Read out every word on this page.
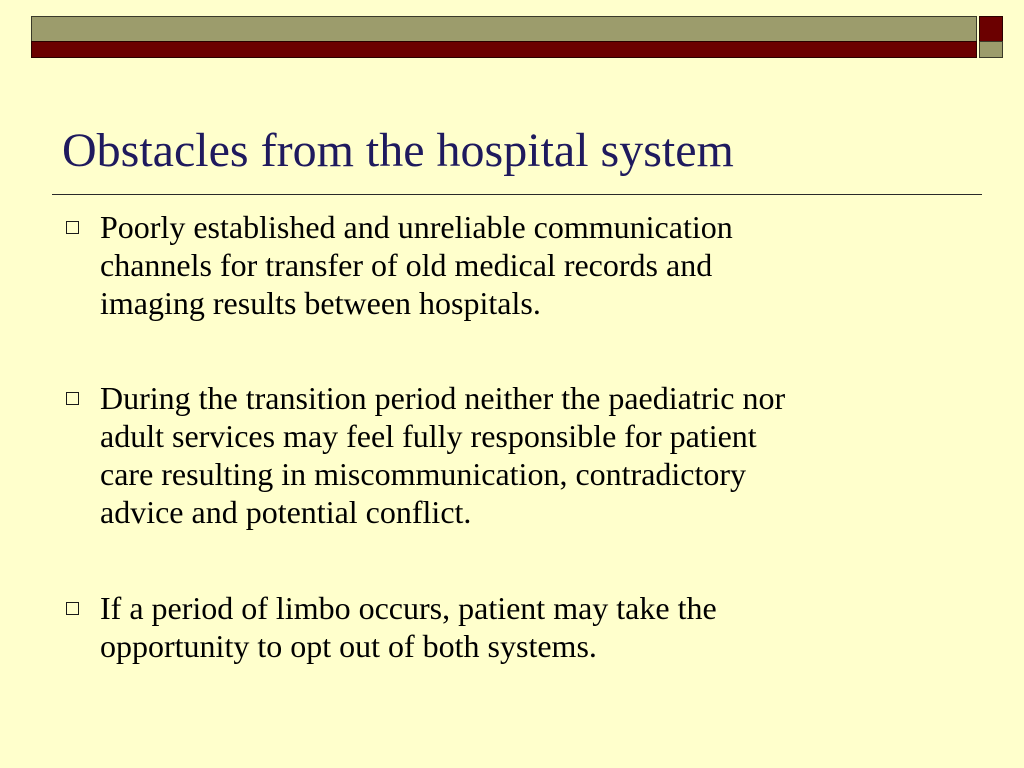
Obstacles from the hospital system
Poorly established and unreliable communication
channels for transfer of old medical records and
imaging results between hospitals.
During the transition period neither the paediatric nor
adult services may feel fully responsible for patient
care resulting in miscommunication, contradictory
advice and potential conflict.
If a period of limbo occurs, patient may take the
opportunity to opt out of both systems.
